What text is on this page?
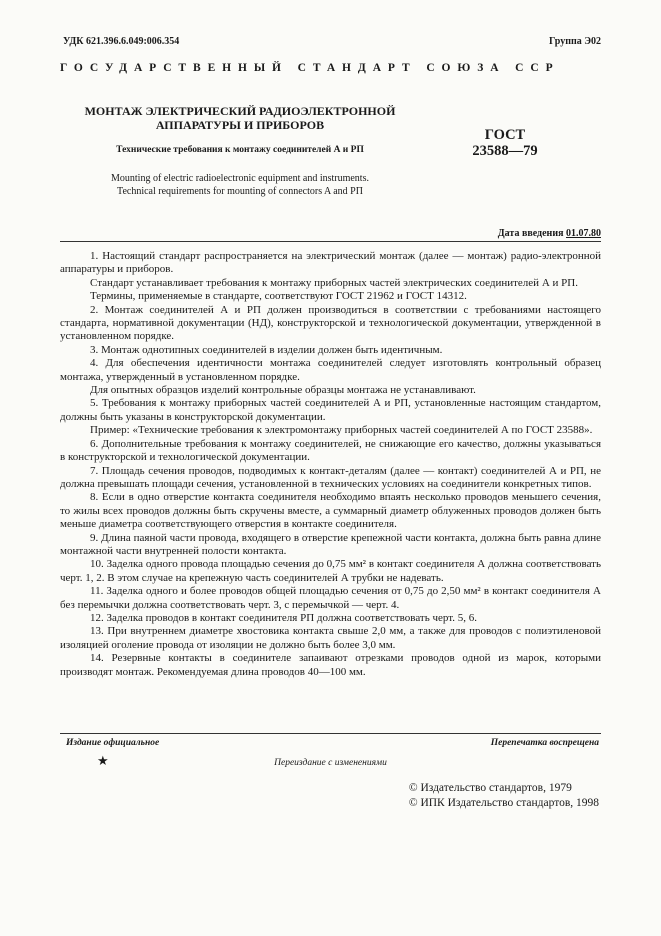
УДК 621.396.6.049:006.354	Группа Э02
ГОСУДАРСТВЕННЫЙ СТАНДАРТ СОЮЗА ССР
МОНТАЖ ЭЛЕКТРИЧЕСКИЙ РАДИОЭЛЕКТРОННОЙ
АППАРАТУРЫ И ПРИБОРОВ
Технические требования к монтажу соединителей А и РП
Mounting of electric radioelectronic equipment and instruments.
Technical requirements for mounting of connectors A and PП
ГОСТ
23588—79
Дата введения 01.07.80

1. Настоящий стандарт распространяется на электрический монтаж (далее — монтаж) радио-электронной аппаратуры и приборов.

Стандарт устанавливает требования к монтажу приборных частей электрических соединителей А и РП.

Термины, применяемые в стандарте, соответствуют ГОСТ 21962 и ГОСТ 14312.

2. Монтаж соединителей А и РП должен производиться в соответствии с требованиями настоящего стандарта, нормативной документации (НД), конструкторской и технологической документации, утвержденной в установленном порядке.

3. Монтаж однотипных соединителей в изделии должен быть идентичным.

4. Для обеспечения идентичности монтажа соединителей следует изготовлять контрольный образец монтажа, утвержденный в установленном порядке.

Для опытных образцов изделий контрольные образцы монтажа не устанавливают.

5. Требования к монтажу приборных частей соединителей А и РП, установленные настоящим стандартом, должны быть указаны в конструкторской документации.

Пример: «Технические требования к электромонтажу приборных частей соединителей А по ГОСТ 23588».

6. Дополнительные требования к монтажу соединителей, не снижающие его качество, должны указываться в конструкторской и технологической документации.

7. Площадь сечения проводов, подводимых к контакт-деталям (далее — контакт) соединителей А и РП, не должна превышать площади сечения, установленной в технических условиях на соединители конкретных типов.

8. Если в одно отверстие контакта соединителя необходимо впаять несколько проводов меньшего сечения, то жилы всех проводов должны быть скручены вместе, а суммарный диаметр облуженных проводов должен быть меньше диаметра соответствующего отверстия в контакте соединителя.

9. Длина паяной части провода, входящего в отверстие крепежной части контакта, должна быть равна длине монтажной части внутренней полости контакта.

10. Заделка одного провода площадью сечения до 0,75 мм² в контакт соединителя А должна соответствовать черт. 1, 2. В этом случае на крепежную часть соединителей А трубки не надевать.

11. Заделка одного и более проводов общей площадью сечения от 0,75 до 2,50 мм² в контакт соединителя А без перемычки должна соответствовать черт. 3, с перемычкой — черт. 4.

12. Заделка проводов в контакт соединителя РП должна соответствовать черт. 5, 6.

13. При внутреннем диаметре хвостовика контакта свыше 2,0 мм, а также для проводов с полиэтиленовой изоляцией оголение провода от изоляции не должно быть более 3,0 мм.

14. Резервные контакты в соединителе запаивают отрезками проводов одной из марок, которыми производят монтаж. Рекомендуемая длина проводов 40—100 мм.

Издание официальное	Перепечатка воспрещена
★	Переиздание с изменениями
© Издательство стандартов, 1979
© ИПК Издательство стандартов, 1998
